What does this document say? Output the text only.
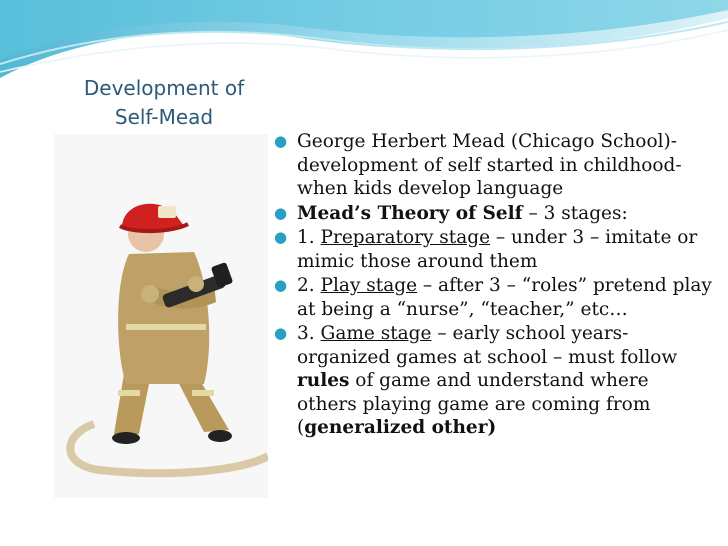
Development of
Self-Mead
● George Herbert Mead (Chicago School)-development of self started in childhood-when kids develop language
● Mead’s Theory of Self – 3 stages:
● 1. Preparatory stage – under 3 – imitate or mimic those around them
● 2. Play stage – after 3 – “roles” pretend play at being a “nurse”, “teacher,” etc…
● 3. Game stage – early school years-organized games at school – must follow rules of game and understand where others playing game are coming from (generalized other)
